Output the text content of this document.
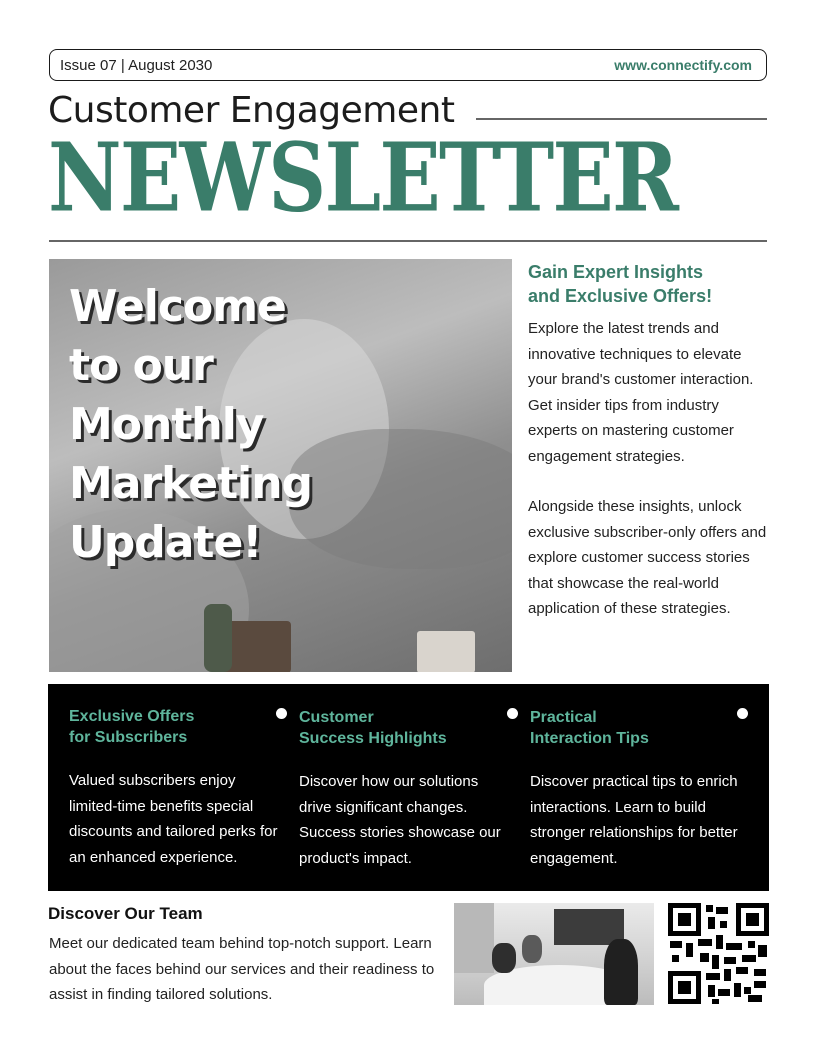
Issue 07 | August 2030	www.connectify.com
Customer Engagement
NEWSLETTER
Welcome
to our
Monthly
Marketing
Update!
Gain Expert Insights
and Exclusive Offers!

Explore the latest trends and innovative techniques to elevate your brand's customer interaction. Get insider tips from industry experts on mastering customer engagement strategies.

Alongside these insights, unlock exclusive subscriber-only offers and explore customer success stories that showcase the real-world application of these strategies.

Exclusive Offers
for Subscribers

Valued subscribers enjoy limited-time benefits special discounts and tailored perks for an enhanced experience.

Customer
Success Highlights

Discover how our solutions drive significant changes. Success stories showcase our product's impact.

Practical
Interaction Tips

Discover practical tips to enrich interactions. Learn to build stronger relationships for better engagement.

Discover Our Team

Meet our dedicated team behind top-notch support. Learn about the faces behind our services and their readiness to assist in finding tailored solutions.
